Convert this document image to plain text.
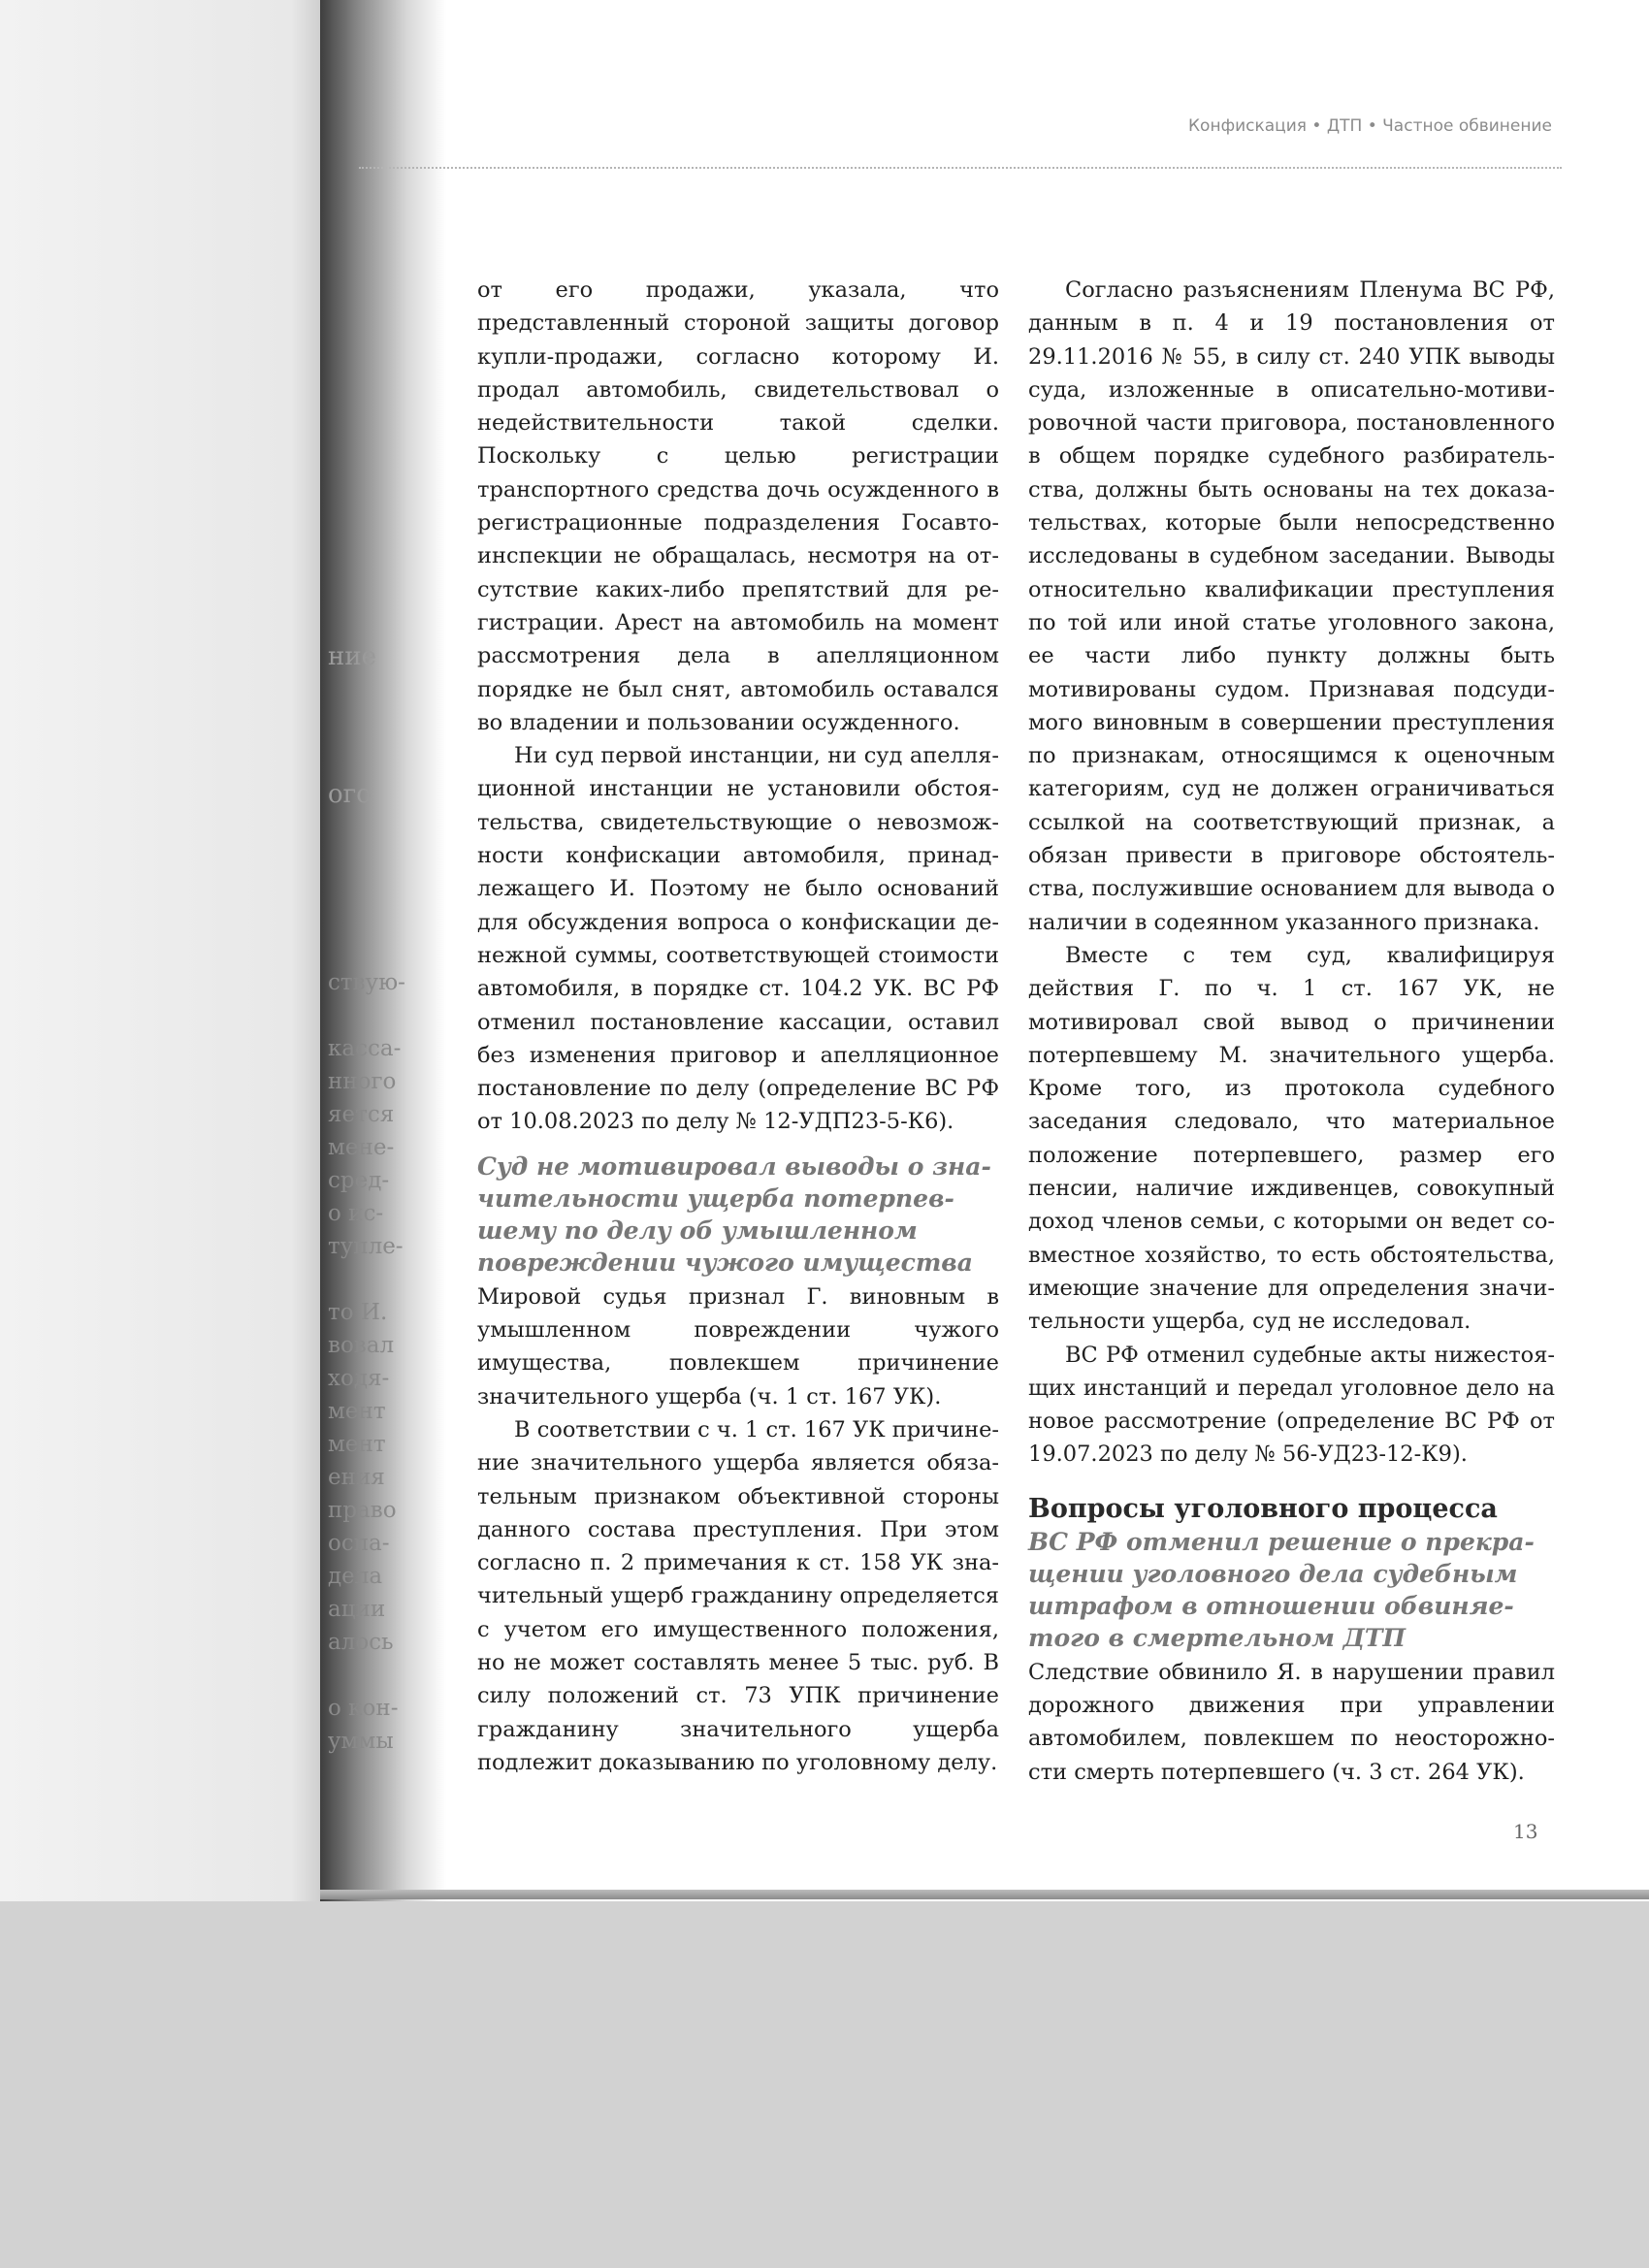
ние
ого
ствую-
касса-
нного
яется
мене-
сред-
о ис-
тупле-
то И.
вовал
ходя-
мент
мент
ения
право
оспа-
дела
ации
алось
о кон-
уммы
Конфискация • ДТП • Частное обвинение

от его продажи, указала, что представленный стороной защиты договор купли-продажи, согласно которому И. продал автомобиль, свидетельствовал о недействительности такой сделки. Поскольку с целью регистрации транспортного средства дочь осужденного в регистрационные подразделения Госавтоинспекции не обращалась, несмотря на отсутствие каких-либо препятствий для регистрации. Арест на автомобиль на момент рассмотрения дела в апелляционном порядке не был снят, автомобиль оставался во владении и пользовании осужденного.

Ни суд первой инстанции, ни суд апелляционной инстанции не установили обстоятельства, свидетельствующие о невозможности конфискации автомобиля, принадлежащего И. Поэтому не было оснований для обсуждения вопроса о конфискации денежной суммы, соответствующей стоимости автомобиля, в порядке ст. 104.2 УК. ВС РФ отменил постановление кассации, оставил без изменения приговор и апелляционное постановление по делу (определение ВС РФ от 10.08.2023 по делу № 12-УДП23-5-К6).

Суд не мотивировал выводы о значительности ущерба потерпевшему по делу об умышленном повреждении чужого имущества

Мировой судья признал Г. виновным в умышленном повреждении чужого имущества, повлекшем причинение значительного ущерба (ч. 1 ст. 167 УК).

В соответствии с ч. 1 ст. 167 УК причинение значительного ущерба является обязательным признаком объективной стороны данного состава преступления. При этом согласно п. 2 примечания к ст. 158 УК значительный ущерб гражданину определяется с учетом его имущественного положения, но не может составлять менее 5 тыс. руб. В силу положений ст. 73 УПК причинение гражданину значительного ущерба подлежит доказыванию по уголовному делу.

Согласно разъяснениям Пленума ВС РФ, данным в п. 4 и 19 постановления от 29.11.2016 № 55, в силу ст. 240 УПК выводы суда, изложенные в описательно-мотивировочной части приговора, постановленного в общем порядке судебного разбирательства, должны быть основаны на тех доказательствах, которые были непосредственно исследованы в судебном заседании. Выводы относительно квалификации преступления по той или иной статье уголовного закона, ее части либо пункту должны быть мотивированы судом. Признавая подсудимого виновным в совершении преступления по признакам, относящимся к оценочным категориям, суд не должен ограничиваться ссылкой на соответствующий признак, а обязан привести в приговоре обстоятельства, послужившие основанием для вывода о наличии в содеянном указанного признака.

Вместе с тем суд, квалифицируя действия Г. по ч. 1 ст. 167 УК, не мотивировал свой вывод о причинении потерпевшему М. значительного ущерба. Кроме того, из протокола судебного заседания следовало, что материальное положение потерпевшего, размер его пенсии, наличие иждивенцев, совокупный доход членов семьи, с которыми он ведет совместное хозяйство, то есть обстоятельства, имеющие значение для определения значительности ущерба, суд не исследовал.

ВС РФ отменил судебные акты нижестоящих инстанций и передал уголовное дело на новое рассмотрение (определение ВС РФ от 19.07.2023 по делу № 56-УД23-12-К9).

Вопросы уголовного процесса
ВС РФ отменил решение о прекращении уголовного дела судебным штрафом в отношении обвиняеmого в смертельном ДТП

Следствие обвинило Я. в нарушении правил дорожного движения при управлении автомобилем, повлекшем по неосторожности смерть потерпевшего (ч. 3 ст. 264 УК).

13
